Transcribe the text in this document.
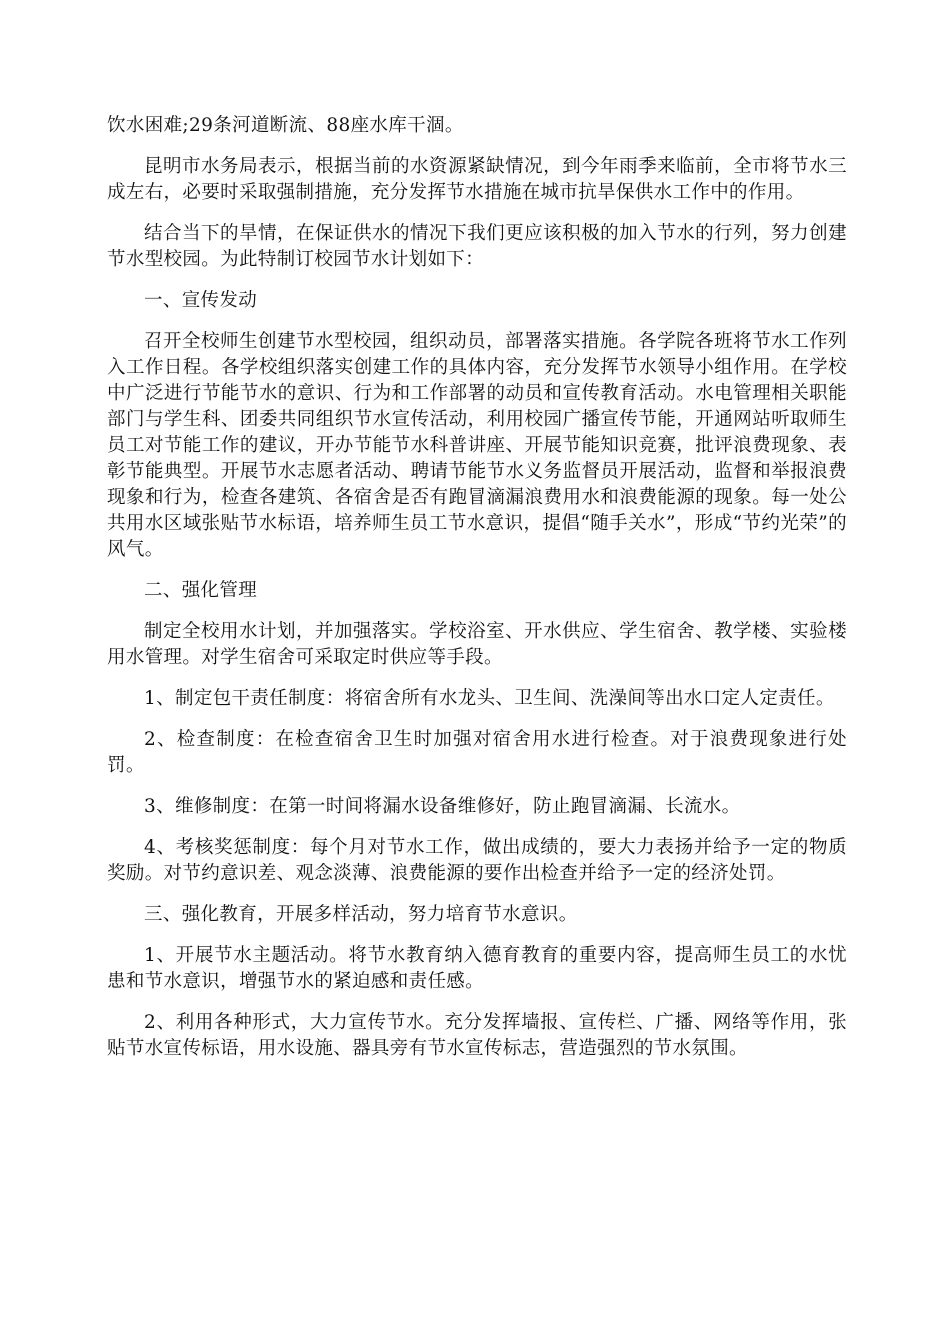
饮水困难;29条河道断流、88座水库干涸。

昆明市水务局表示，根据当前的水资源紧缺情况，到今年雨季来临前，全市将节水三成左右，必要时采取强制措施，充分发挥节水措施在城市抗旱保供水工作中的作用。

结合当下的旱情，在保证供水的情况下我们更应该积极的加入节水的行列，努力创建节水型校园。为此特制订校园节水计划如下：

一、宣传发动

召开全校师生创建节水型校园，组织动员，部署落实措施。各学院各班将节水工作列入工作日程。各学校组织落实创建工作的具体内容，充分发挥节水领导小组作用。在学校中广泛进行节能节水的意识、行为和工作部署的动员和宣传教育活动。水电管理相关职能部门与学生科、团委共同组织节水宣传活动，利用校园广播宣传节能，开通网站听取师生员工对节能工作的建议，开办节能节水科普讲座、开展节能知识竞赛，批评浪费现象、表彰节能典型。开展节水志愿者活动、聘请节能节水义务监督员开展活动，监督和举报浪费现象和行为，检查各建筑、各宿舍是否有跑冒滴漏浪费用水和浪费能源的现象。每一处公共用水区域张贴节水标语，培养师生员工节水意识，提倡“随手关水”，形成“节约光荣”的风气。

二、强化管理

制定全校用水计划，并加强落实。学校浴室、开水供应、学生宿舍、教学楼、实验楼用水管理。对学生宿舍可采取定时供应等手段。

1、制定包干责任制度：将宿舍所有水龙头、卫生间、洗澡间等出水口定人定责任。

2、检查制度：在检查宿舍卫生时加强对宿舍用水进行检查。对于浪费现象进行处罚。

3、维修制度：在第一时间将漏水设备维修好，防止跑冒滴漏、长流水。

4、考核奖惩制度：每个月对节水工作，做出成绩的，要大力表扬并给予一定的物质奖励。对节约意识差、观念淡薄、浪费能源的要作出检查并给予一定的经济处罚。

三、强化教育，开展多样活动，努力培育节水意识。

1、开展节水主题活动。将节水教育纳入德育教育的重要内容，提高师生员工的水忧患和节水意识，增强节水的紧迫感和责任感。

2、利用各种形式，大力宣传节水。充分发挥墙报、宣传栏、广播、网络等作用，张贴节水宣传标语，用水设施、器具旁有节水宣传标志，营造强烈的节水氛围。
